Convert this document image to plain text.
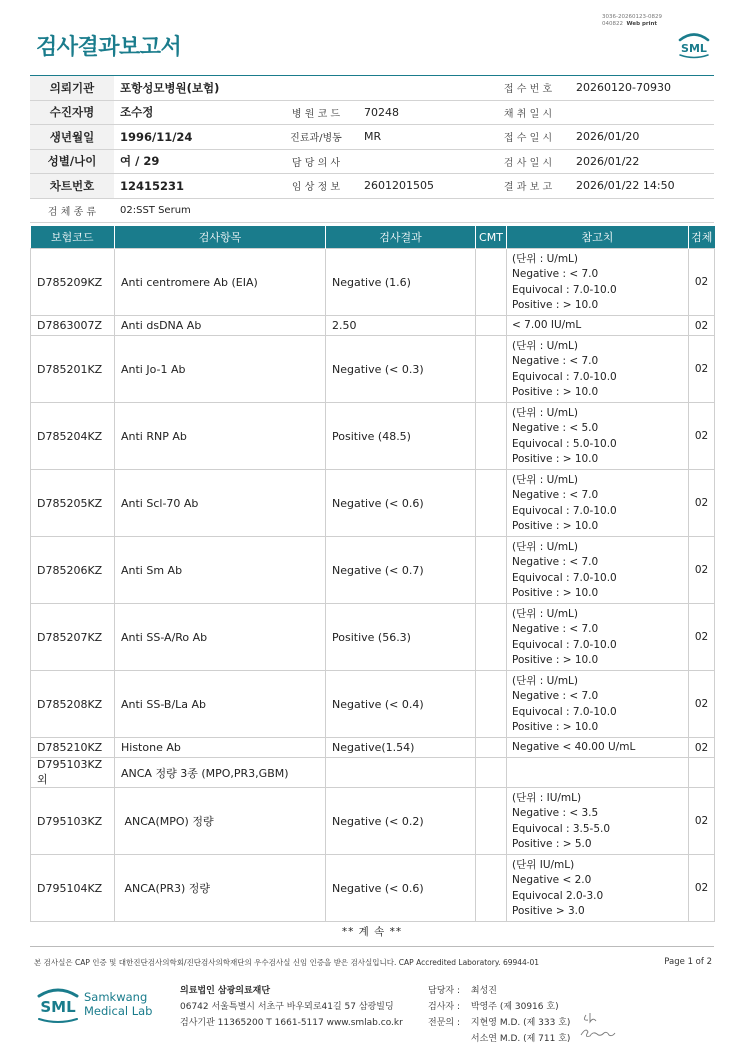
검사결과보고서
3036-20260123-0829
040822 Web print
SML
의뢰기관	포항성모병원(보험)			접 수 번 호	20260120-70930
수진자명	조수정	병 원 코 드	70248	채 취 일 시	
생년월일	1996/11/24	진료과/병동	MR	접 수 일 시	2026/01/20
성별/나이	여 / 29	담 당 의 사		검 사 일 시	2026/01/22
차트번호	12415231	임 상 정 보	2601201505	결 과 보 고	2026/01/22 14:50
검 체 종 류	02:SST Serum				
보험코드	검사항목	검사결과	CMT	참고치	검체
D785209KZ	Anti centromere Ab (EIA)	Negative (1.6)		(단위 : U/mL)
Negative : < 7.0
Equivocal : 7.0-10.0
Positive : > 10.0	02
D7863007Z	Anti dsDNA Ab	2.50		< 7.00 IU/mL	02
D785201KZ	Anti Jo-1 Ab	Negative (< 0.3)		(단위 : U/mL)
Negative : < 7.0
Equivocal : 7.0-10.0
Positive : > 10.0	02
D785204KZ	Anti RNP Ab	Positive (48.5)		(단위 : U/mL)
Negative : < 5.0
Equivocal : 5.0-10.0
Positive : > 10.0	02
D785205KZ	Anti Scl-70 Ab	Negative (< 0.6)		(단위 : U/mL)
Negative : < 7.0
Equivocal : 7.0-10.0
Positive : > 10.0	02
D785206KZ	Anti Sm Ab	Negative (< 0.7)		(단위 : U/mL)
Negative : < 7.0
Equivocal : 7.0-10.0
Positive : > 10.0	02
D785207KZ	Anti SS-A/Ro Ab	Positive (56.3)		(단위 : U/mL)
Negative : < 7.0
Equivocal : 7.0-10.0
Positive : > 10.0	02
D785208KZ	Anti SS-B/La Ab	Negative (< 0.4)		(단위 : U/mL)
Negative : < 7.0
Equivocal : 7.0-10.0
Positive : > 10.0	02
D785210KZ	Histone Ab	Negative(1.54)		Negative < 40.00 U/mL	02
D795103KZ외	ANCA 정량 3종 (MPO,PR3,GBM)				
D795103KZ	ANCA(MPO) 정량	Negative (< 0.2)		(단위 : IU/mL)
Negative : < 3.5
Equivocal : 3.5-5.0
Positive : > 5.0	02
D795104KZ	ANCA(PR3) 정량	Negative (< 0.6)		(단위 IU/mL)
Negative < 2.0
Equivocal 2.0-3.0
Positive > 3.0	02
** 계 속 **
본 검사실은 CAP 인증 및 대한진단검사의학회/진단검사의학재단의 우수검사실 신임 인증을 받은 검사실입니다. CAP Accredited Laboratory. 69944-01	Page 1 of 2
SML
Samkwang
Medical Lab
의료법인 삼광의료재단
06742 서울특별시 서초구 바우뫼로41길 57 삼광빌딩
검사기관 11365200 T 1661-5117 www.smlab.co.kr
담당자 : 최성진
검사자 : 박영주 (제 30916 호)
전문의 : 지현영 M.D. (제 333 호)
서소연 M.D. (제 711 호)
